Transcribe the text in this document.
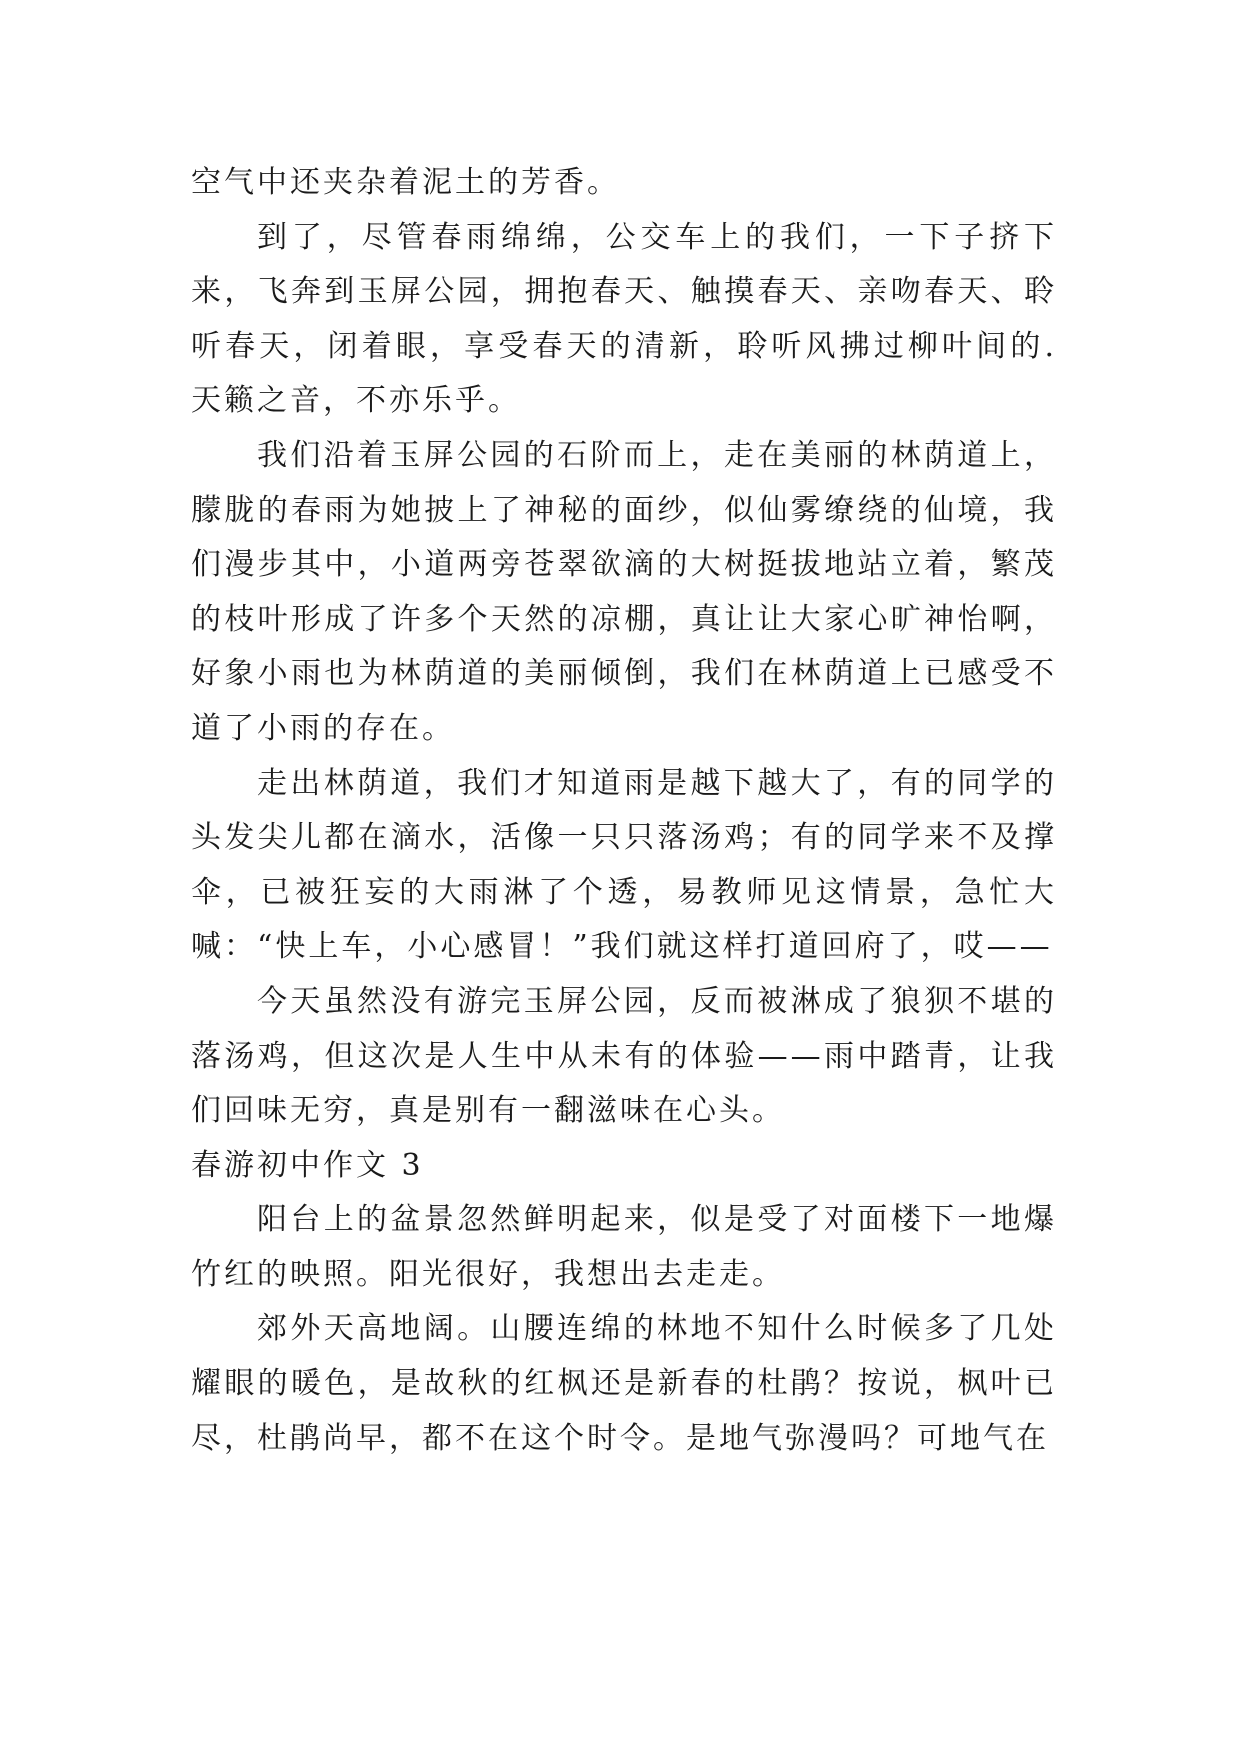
空气中还夹杂着泥土的芳香。

到了，尽管春雨绵绵，公交车上的我们，一下子挤下来，飞奔到玉屏公园，拥抱春天、触摸春天、亲吻春天、聆听春天，闭着眼，享受春天的清新，聆听风拂过柳叶间的.天籁之音，不亦乐乎。

我们沿着玉屏公园的石阶而上，走在美丽的林荫道上，朦胧的春雨为她披上了神秘的面纱，似仙雾缭绕的仙境，我们漫步其中，小道两旁苍翠欲滴的大树挺拔地站立着，繁茂的枝叶形成了许多个天然的凉棚，真让让大家心旷神怡啊，好象小雨也为林荫道的美丽倾倒，我们在林荫道上已感受不道了小雨的存在。

走出林荫道，我们才知道雨是越下越大了，有的同学的头发尖儿都在滴水，活像一只只落汤鸡；有的同学来不及撑伞，已被狂妄的大雨淋了个透，易教师见这情景，急忙大喊：“快上车，小心感冒！”我们就这样打道回府了，哎——

今天虽然没有游完玉屏公园，反而被淋成了狼狈不堪的落汤鸡，但这次是人生中从未有的体验——雨中踏青，让我们回味无穷，真是别有一翻滋味在心头。

春游初中作文 3

阳台上的盆景忽然鲜明起来，似是受了对面楼下一地爆竹红的映照。阳光很好，我想出去走走。

郊外天高地阔。山腰连绵的林地不知什么时候多了几处耀眼的暖色，是故秋的红枫还是新春的杜鹃？按说，枫叶已尽，杜鹃尚早，都不在这个时令。是地气弥漫吗？可地气在
